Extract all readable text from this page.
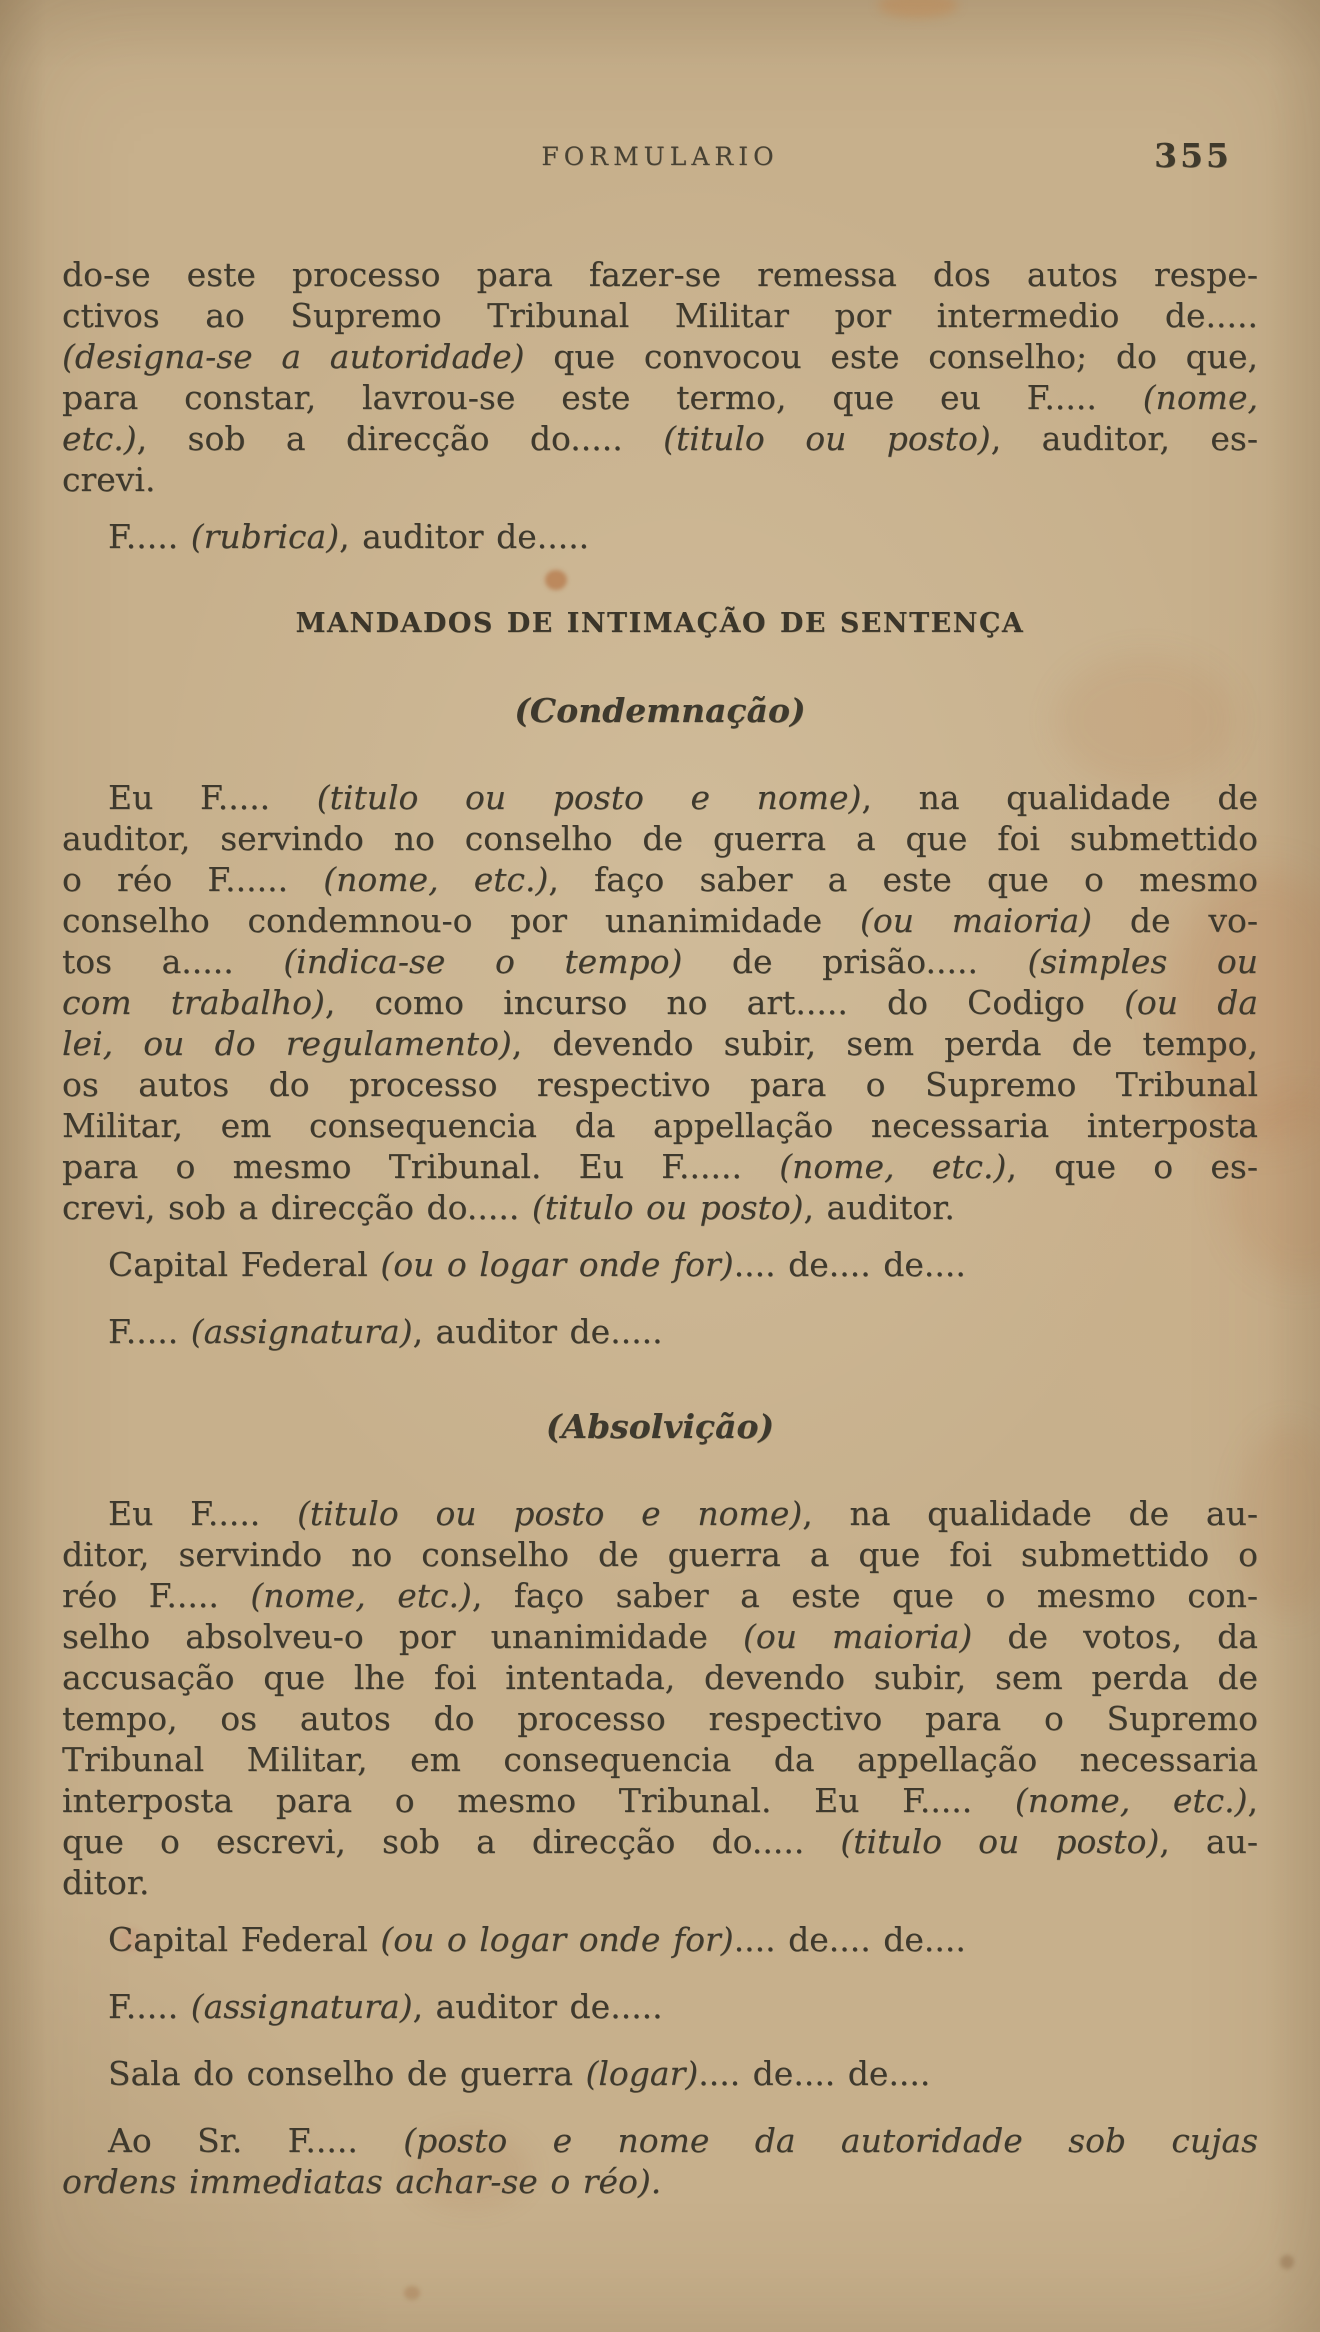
FORMULARIO	355
do-se este processo para fazer-se remessa dos autos respe-
ctivos ao Supremo Tribunal Militar por intermedio de.....
(designa-se a autoridade) que convocou este conselho; do que,
para constar, lavrou-se este termo, que eu F..... (nome,
etc.), sob a direcção do..... (titulo ou posto), auditor, es-
crevi.
F..... (rubrica), auditor de.....
MANDADOS DE INTIMAÇÃO DE SENTENÇA
(Condemnação)
Eu F..... (titulo ou posto e nome), na qualidade de
auditor, servindo no conselho de guerra a que foi submettido
o réo F...... (nome, etc.), faço saber a este que o mesmo
conselho condemnou-o por unanimidade (ou maioria) de vo-
tos a..... (indica-se o tempo) de prisão..... (simples ou
com trabalho), como incurso no art..... do Codigo (ou da
lei, ou do regulamento), devendo subir, sem perda de tempo,
os autos do processo respectivo para o Supremo Tribunal
Militar, em consequencia da appellação necessaria interposta
para o mesmo Tribunal. Eu F...... (nome, etc.), que o es-
crevi, sob a direcção do..... (titulo ou posto), auditor.
Capital Federal (ou o logar onde for).... de.... de....
F..... (assignatura), auditor de.....
(Absolvição)
Eu F..... (titulo ou posto e nome), na qualidade de au-
ditor, servindo no conselho de guerra a que foi submettido o
réo F..... (nome, etc.), faço saber a este que o mesmo con-
selho absolveu-o por unanimidade (ou maioria) de votos, da
accusação que lhe foi intentada, devendo subir, sem perda de
tempo, os autos do processo respectivo para o Supremo
Tribunal Militar, em consequencia da appellação necessaria
interposta para o mesmo Tribunal. Eu F..... (nome, etc.),
que o escrevi, sob a direcção do..... (titulo ou posto), au-
ditor.
Capital Federal (ou o logar onde for).... de.... de....
F..... (assignatura), auditor de.....
Sala do conselho de guerra (logar).... de.... de....
Ao Sr. F..... (posto e nome da autoridade sob cujas
ordens immediatas achar-se o réo).
